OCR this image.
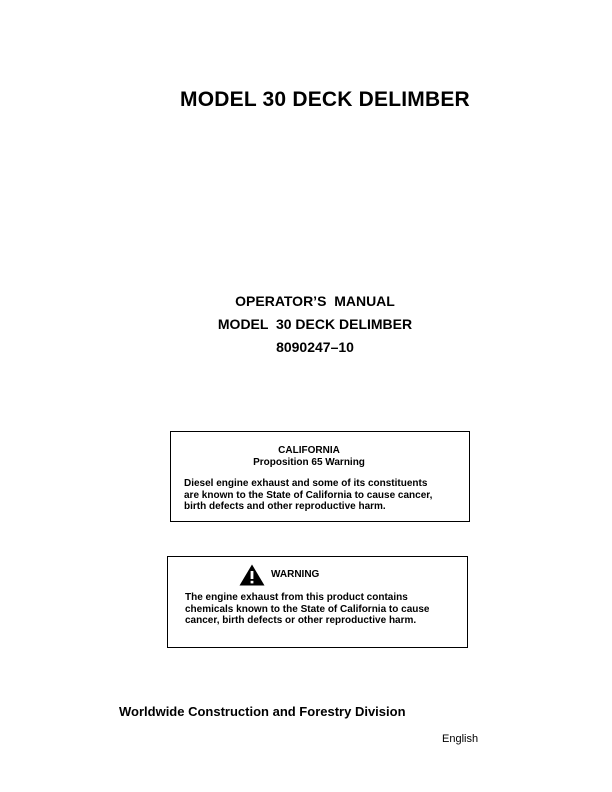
MODEL 30 DECK DELIMBER
OPERATOR’S  MANUAL
MODEL  30 DECK DELIMBER
8090247–10
CALIFORNIA
Proposition 65 Warning
Diesel engine exhaust and some of its constituents
are known to the State of California to cause cancer,
birth defects and other reproductive harm.
WARNING
The engine exhaust from this product contains
chemicals known to the State of California to cause
cancer, birth defects or other reproductive harm.
Worldwide Construction and Forestry Division
English
